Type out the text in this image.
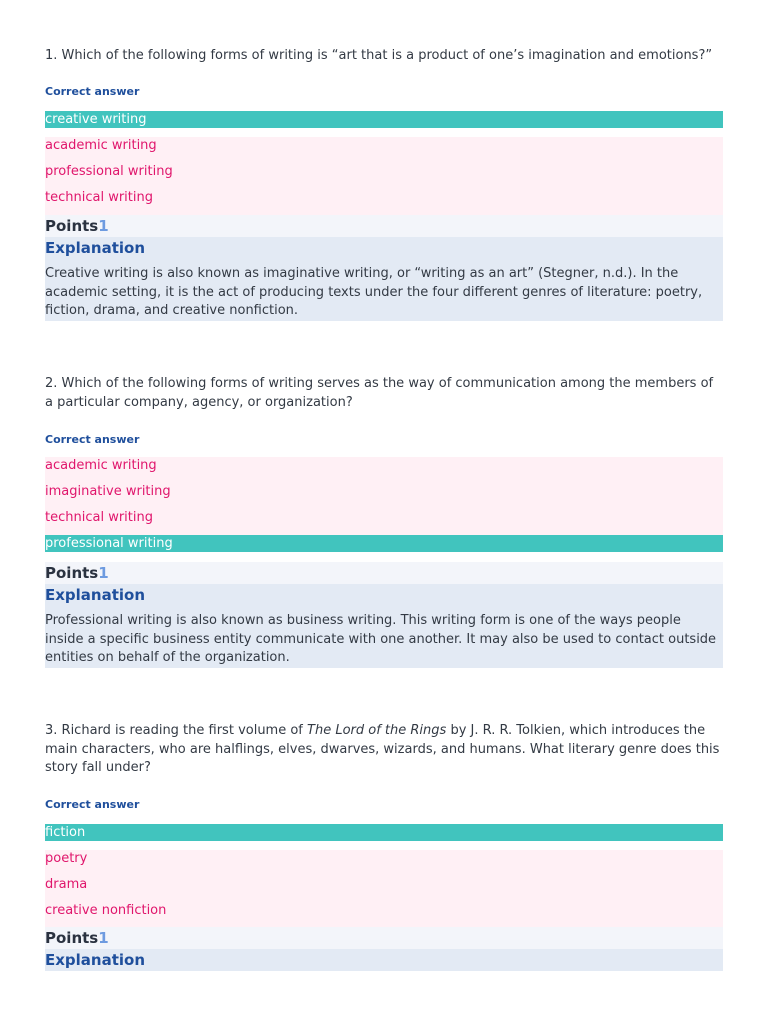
1. Which of the following forms of writing is “art that is a product of one’s imagination and emotions?”

Correct answer

creative writing
academic writing
professional writing
technical writing
Points1
Explanation

Creative writing is also known as imaginative writing, or “writing as an art” (Stegner, n.d.). In the academic setting, it is the act of producing texts under the four different genres of literature: poetry, fiction, drama, and creative nonfiction.

2. Which of the following forms of writing serves as the way of communication among the members of a particular company, agency, or organization?

Correct answer

academic writing
imaginative writing
technical writing
professional writing
Points1
Explanation

Professional writing is also known as business writing. This writing form is one of the ways people inside a specific business entity communicate with one another. It may also be used to contact outside entities on behalf of the organization.

3. Richard is reading the first volume of The Lord of the Rings by J. R. R. Tolkien, which introduces the main characters, who are halflings, elves, dwarves, wizards, and humans. What literary genre does this story fall under?

Correct answer

fiction
poetry
drama
creative nonfiction
Points1
Explanation
